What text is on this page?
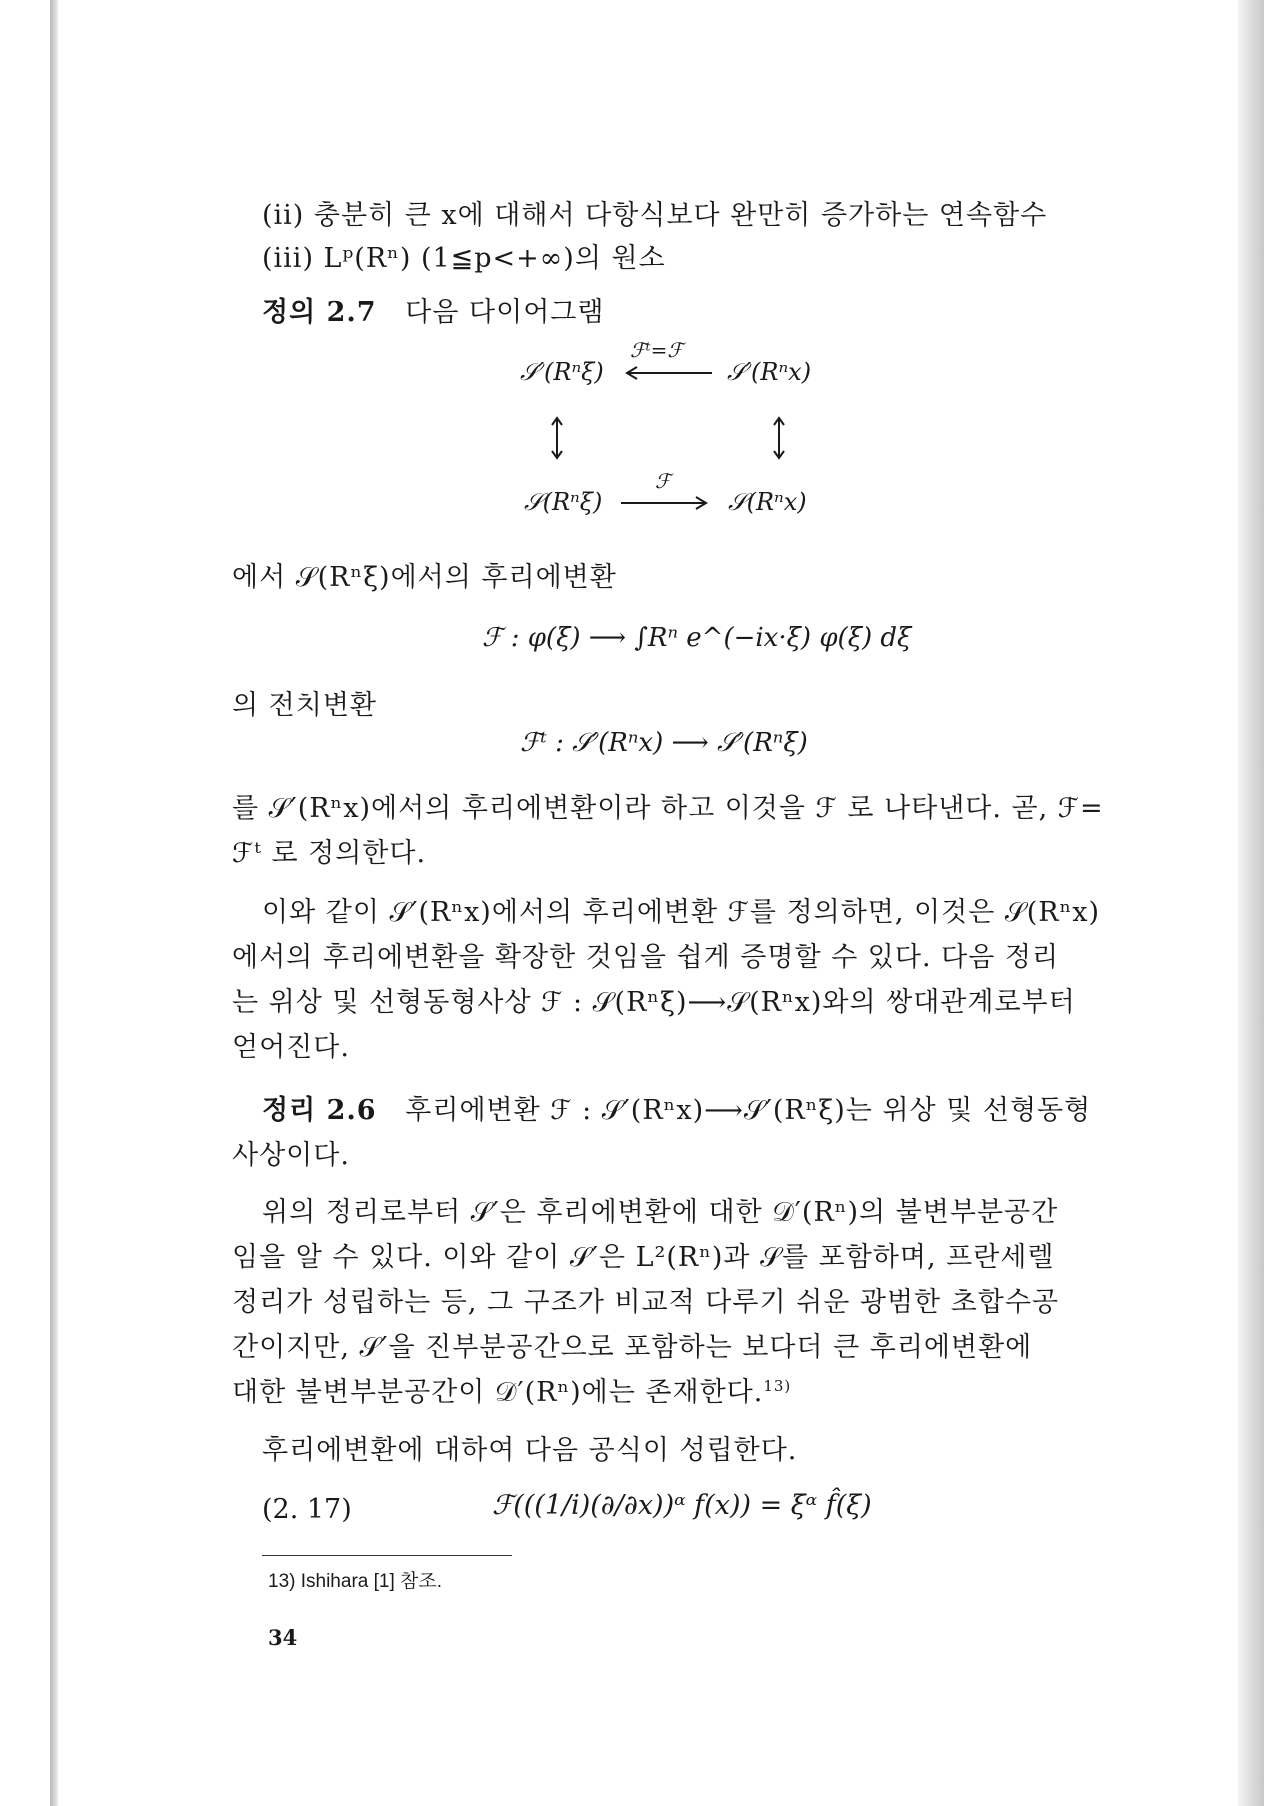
(ii) 충분히 큰 x에 대해서 다항식보다 완만히 증가하는 연속함수
(iii) Lᵖ(Rⁿ) (1≦p<+∞)의 원소
정의 2.7 다음 다이어그램
𝒮′(Rⁿξ)	𝒮′(Rⁿx)
ℱᵗ=ℱ
𝒮(Rⁿξ)	𝒮(Rⁿx)
ℱ
에서 𝒮(Rⁿξ)에서의 후리에변환
ℱ : φ(ξ) ⟶ ∫Rⁿ e^(−ix·ξ) φ(ξ) dξ
의 전치변환
ℱᵗ : 𝒮′(Rⁿx) ⟶ 𝒮′(Rⁿξ)
를 𝒮′(Rⁿx)에서의 후리에변환이라 하고 이것을 ℱ 로 나타낸다. 곧, ℱ=
ℱᵗ 로 정의한다.
이와 같이 𝒮′(Rⁿx)에서의 후리에변환 ℱ를 정의하면, 이것은 𝒮(Rⁿx)
에서의 후리에변환을 확장한 것임을 쉽게 증명할 수 있다. 다음 정리
는 위상 및 선형동형사상 ℱ : 𝒮(Rⁿξ)⟶𝒮(Rⁿx)와의 쌍대관계로부터
얻어진다.
정리 2.6 후리에변환 ℱ : 𝒮′(Rⁿx)⟶𝒮′(Rⁿξ)는 위상 및 선형동형
사상이다.
위의 정리로부터 𝒮′은 후리에변환에 대한 𝒟′(Rⁿ)의 불변부분공간
임을 알 수 있다. 이와 같이 𝒮′은 L²(Rⁿ)과 𝒮를 포함하며, 프란세렐
정리가 성립하는 등, 그 구조가 비교적 다루기 쉬운 광범한 초합수공
간이지만, 𝒮′을 진부분공간으로 포함하는 보다더 큰 후리에변환에
대한 불변부분공간이 𝒟′(Rⁿ)에는 존재한다.$^{13)}$
후리에변환에 대하여 다음 공식이 성립한다.
(2. 17)	ℱ(((1/i)(∂/∂x))ᵅ f(x)) = ξᵅ f̂(ξ)
13) Ishihara [1] 참조.
34
